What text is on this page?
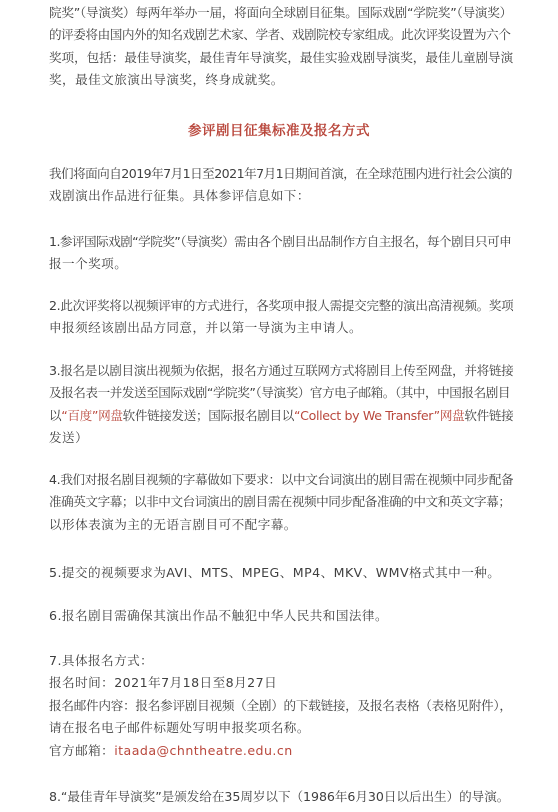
院奖”（导演奖）每两年举办一届，将面向全球剧目征集。国际戏剧“学院奖”（导演奖）
的评委将由国内外的知名戏剧艺术家、学者、戏剧院校专家组成。此次评奖设置为六个
奖项，包括：最佳导演奖，最佳青年导演奖，最佳实验戏剧导演奖，最佳儿童剧导演
奖，最佳文旅演出导演奖，终身成就奖。
参评剧目征集标准及报名方式
我们将面向自2019年7月1日至2021年7月1日期间首演，在全球范围内进行社会公演的
戏剧演出作品进行征集。具体参评信息如下：
1.参评国际戏剧“学院奖”（导演奖）需由各个剧目出品制作方自主报名，每个剧目只可申
报一个奖项。
2.此次评奖将以视频评审的方式进行，各奖项申报人需提交完整的演出高清视频。奖项
申报须经该剧出品方同意，并以第一导演为主申请人。
3.报名是以剧目演出视频为依据，报名方通过互联网方式将剧目上传至网盘，并将链接
及报名表一并发送至国际戏剧“学院奖”（导演奖）官方电子邮箱。（其中，中国报名剧目
以“百度”网盘软件链接发送；国际报名剧目以“Collect by We Transfer”网盘软件链接
发送）
4.我们对报名剧目视频的字幕做如下要求：以中文台词演出的剧目需在视频中同步配备
准确英文字幕；以非中文台词演出的剧目需在视频中同步配备准确的中文和英文字幕；
以形体表演为主的无语言剧目可不配字幕。
5.提交的视频要求为AVI、MTS、MPEG、MP4、MKV、WMV格式其中一种。
6.报名剧目需确保其演出作品不触犯中华人民共和国法律。
7.具体报名方式：
报名时间：2021年7月18日至8月27日
报名邮件内容：报名参评剧目视频（全剧）的下载链接，及报名表格（表格见附件），
请在报名电子邮件标题处写明申报奖项名称。
官方邮箱：itaada@chntheatre.edu.cn
8.“最佳青年导演奖”是颁发给在35周岁以下（1986年6月30日以后出生）的导演。
